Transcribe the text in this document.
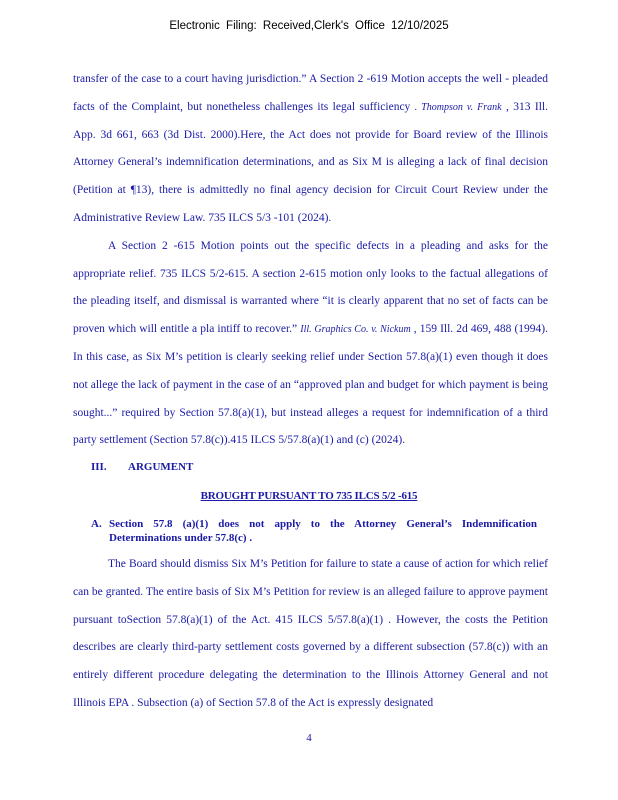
Electronic Filing: Received,Clerk's Office 12/10/2025

transfer of the case to a court having jurisdiction.” A Section 2 -619 Motion accepts the well - pleaded facts of the Complaint, but nonetheless challenges its legal sufficiency . Thompson v. Frank , 313 Ill. App. 3d 661, 663 (3d Dist. 2000).Here, the Act does not provide for Board review of the Illinois Attorney General’s indemnification determinations, and as Six M is alleging a lack of final decision (Petition at ¶13), there is admittedly no final agency decision for Circuit Court Review under the Administrative Review Law. 735 ILCS 5/3 -101 (2024).

A Section 2 -615 Motion points out the specific defects in a pleading and asks for the appropriate relief. 735 ILCS 5/2-615. A section 2-615 motion only looks to the factual allegations of the pleading itself, and dismissal is warranted where “it is clearly apparent that no set of facts can be proven which will entitle a pla intiff to recover.” Ill. Graphics Co. v. Nickum , 159 Ill. 2d 469, 488 (1994). In this case, as Six M’s petition is clearly seeking relief under Section 57.8(a)(1) even though it does not allege the lack of payment in the case of an “approved plan and budget for which payment is being sought...” required by Section 57.8(a)(1), but instead alleges a request for indemnification of a third party settlement (Section 57.8(c)).415 ILCS 5/57.8(a)(1) and (c) (2024).

III. ARGUMENT
BROUGHT PURSUANT TO 735 ILCS 5/2 -615
A. Section 57.8 (a)(1) does not apply to the Attorney General’s Indemnification Determinations under 57.8(c) .

The Board should dismiss Six M’s Petition for failure to state a cause of action for which relief can be granted. The entire basis of Six M’s Petition for review is an alleged failure to approve payment pursuant toSection 57.8(a)(1) of the Act. 415 ILCS 5/57.8(a)(1) . However, the costs the Petition describes are clearly third-party settlement costs governed by a different subsection (57.8(c)) with an entirely different procedure delegating the determination to the Illinois Attorney General and not Illinois EPA . Subsection (a) of Section 57.8 of the Act is expressly designated

4
